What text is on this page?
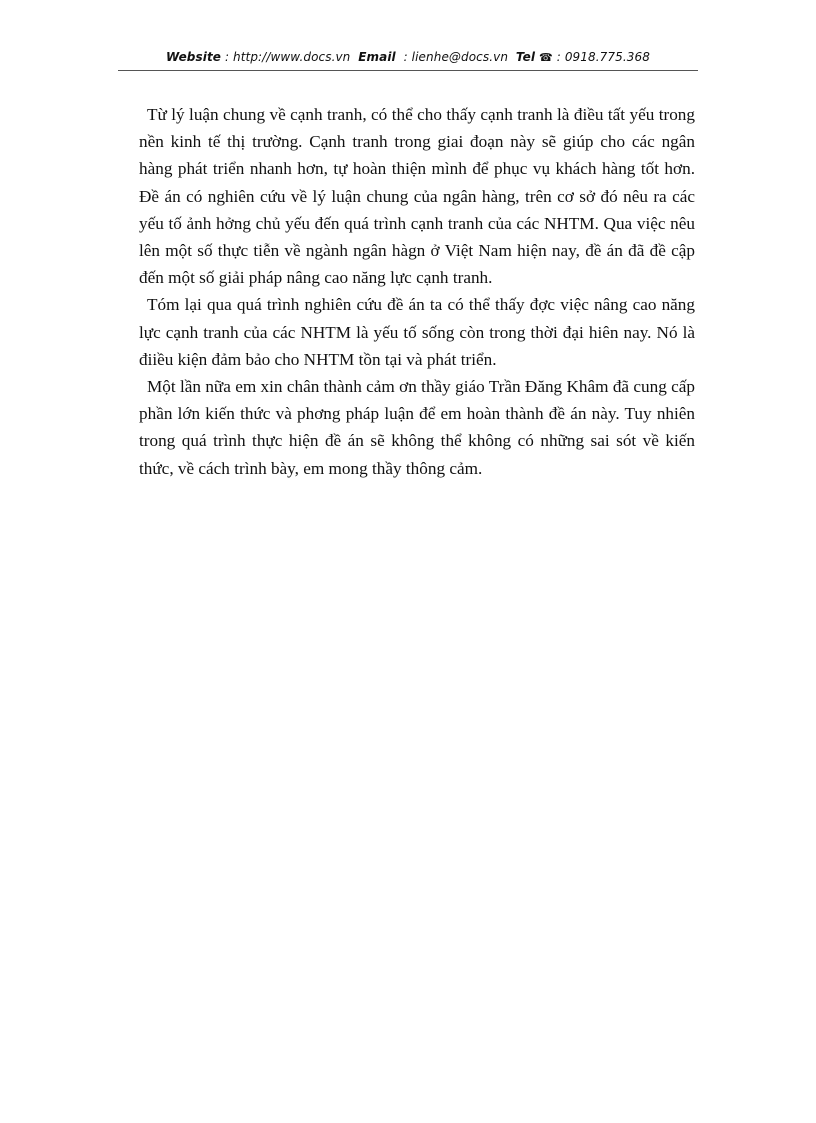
Website : http://www.docs.vn Email : lienhe@docs.vn Tel ☎ : 0918.775.368

Từ lý luận chung về cạnh tranh, có thể cho thấy cạnh tranh là điều tất yếu trong nền kinh tế thị trường. Cạnh tranh trong giai đoạn này sẽ giúp cho các ngân hàng phát triển nhanh hơn, tự hoàn thiện mình để phục vụ khách hàng tốt hơn. Đề án có nghiên cứu về lý luận chung của ngân hàng, trên cơ sở đó nêu ra các yếu tố ảnh hởng chủ yếu đến quá trình cạnh tranh của các NHTM. Qua việc nêu lên một số thực tiễn về ngành ngân hàgn ở Việt Nam hiện nay, đề án đã đề cập đến một số giải pháp nâng cao năng lực cạnh tranh.

Tóm lại qua quá trình nghiên cứu đề án ta có thể thấy đợc việc nâng cao năng lực cạnh tranh của các NHTM là yếu tố sống còn trong thời đại hiên nay. Nó là điiều kiện đảm bảo cho NHTM tồn tại và phát triển.

Một lần nữa em xin chân thành cảm ơn thầy giáo Trần Đăng Khâm đã cung cấp phần lớn kiến thức và phơng pháp luận để em hoàn thành đề án này. Tuy nhiên trong quá trình thực hiện đề án sẽ không thể không có những sai sót về kiến thức, về cách trình bày, em mong thầy thông cảm.
